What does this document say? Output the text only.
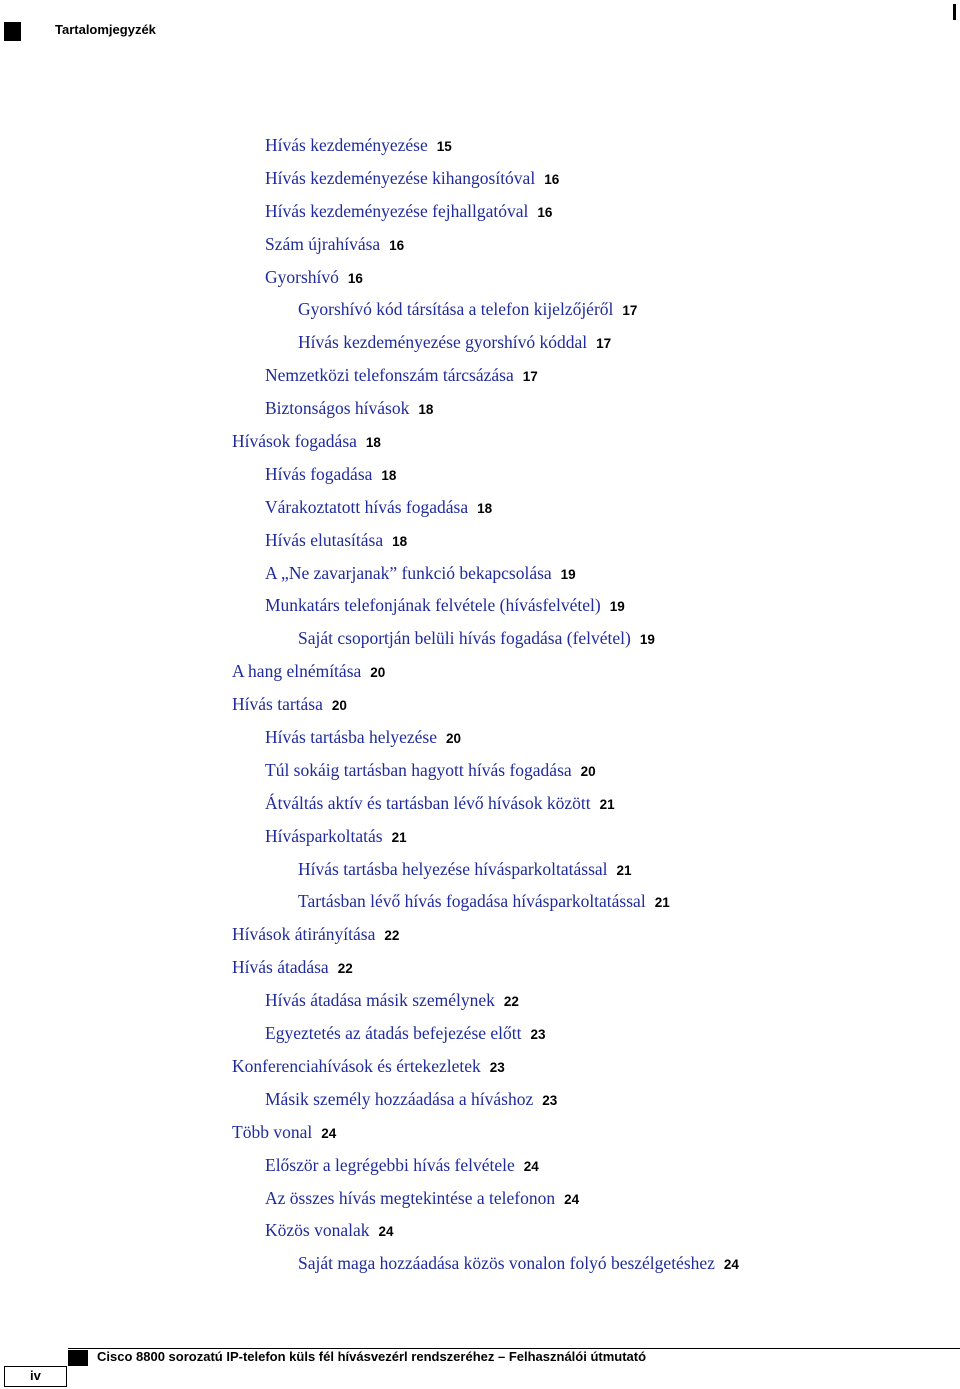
Tartalomjegyzék
Hívás kezdeményezése 15
Hívás kezdeményezése kihangosítóval 16
Hívás kezdeményezése fejhallgatóval 16
Szám újrahívása 16
Gyorshívó 16
Gyorshívó kód társítása a telefon kijelzőjéről 17
Hívás kezdeményezése gyorshívó kóddal 17
Nemzetközi telefonszám tárcsázása 17
Biztonságos hívások 18
Hívások fogadása 18
Hívás fogadása 18
Várakoztatott hívás fogadása 18
Hívás elutasítása 18
A „Ne zavarjanak” funkció bekapcsolása 19
Munkatárs telefonjának felvétele (hívásfelvétel) 19
Saját csoportján belüli hívás fogadása (felvétel) 19
A hang elnémítása 20
Hívás tartása 20
Hívás tartásba helyezése 20
Túl sokáig tartásban hagyott hívás fogadása 20
Átváltás aktív és tartásban lévő hívások között 21
Hívásparkoltatás 21
Hívás tartásba helyezése hívásparkoltatással 21
Tartásban lévő hívás fogadása hívásparkoltatással 21
Hívások átirányítása 22
Hívás átadása 22
Hívás átadása másik személynek 22
Egyeztetés az átadás befejezése előtt 23
Konferenciahívások és értekezletek 23
Másik személy hozzáadása a híváshoz 23
Több vonal 24
Először a legrégebbi hívás felvétele 24
Az összes hívás megtekintése a telefonon 24
Közös vonalak 24
Saját maga hozzáadása közös vonalon folyó beszélgetéshez 24
Cisco 8800 sorozatú IP-telefon küls fél hívásvezérl rendszeréhez – Felhasználói útmutató
iv
